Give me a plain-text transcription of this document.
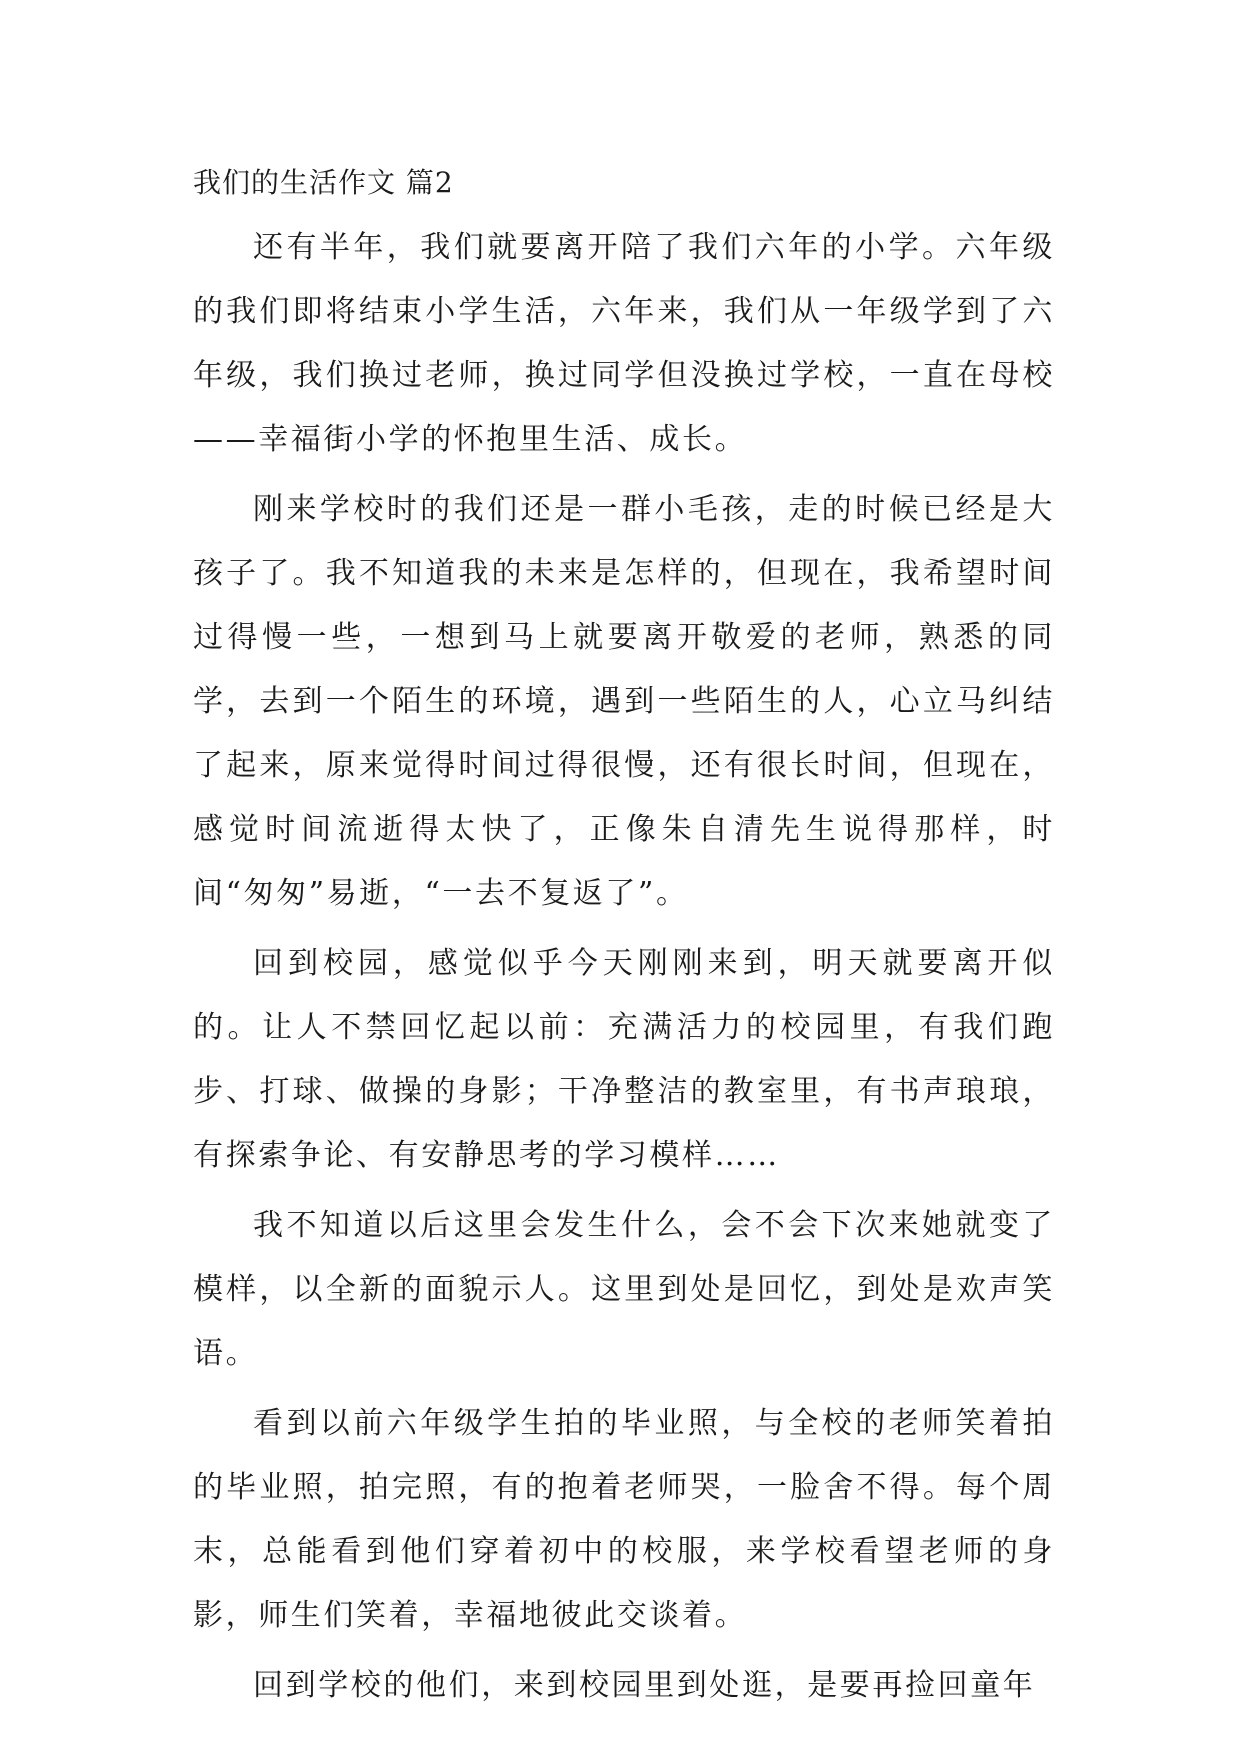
我们的生活作文 篇2

还有半年，我们就要离开陪了我们六年的小学。六年级的我们即将结束小学生活，六年来，我们从一年级学到了六年级，我们换过老师，换过同学但没换过学校，一直在母校——幸福街小学的怀抱里生活、成长。

刚来学校时的我们还是一群小毛孩，走的时候已经是大孩子了。我不知道我的未来是怎样的，但现在，我希望时间过得慢一些，一想到马上就要离开敬爱的老师，熟悉的同学，去到一个陌生的环境，遇到一些陌生的人，心立马纠结了起来，原来觉得时间过得很慢，还有很长时间，但现在，感觉时间流逝得太快了，正像朱自清先生说得那样，时间“匆匆”易逝，“一去不复返了”。

回到校园，感觉似乎今天刚刚来到，明天就要离开似的。让人不禁回忆起以前：充满活力的校园里，有我们跑步、打球、做操的身影；干净整洁的教室里，有书声琅琅，有探索争论、有安静思考的学习模样……

我不知道以后这里会发生什么，会不会下次来她就变了模样，以全新的面貌示人。这里到处是回忆，到处是欢声笑语。

看到以前六年级学生拍的毕业照，与全校的老师笑着拍的毕业照，拍完照，有的抱着老师哭，一脸舍不得。每个周末，总能看到他们穿着初中的校服，来学校看望老师的身影，师生们笑着，幸福地彼此交谈着。

回到学校的他们，来到校园里到处逛，是要再捡回童年
